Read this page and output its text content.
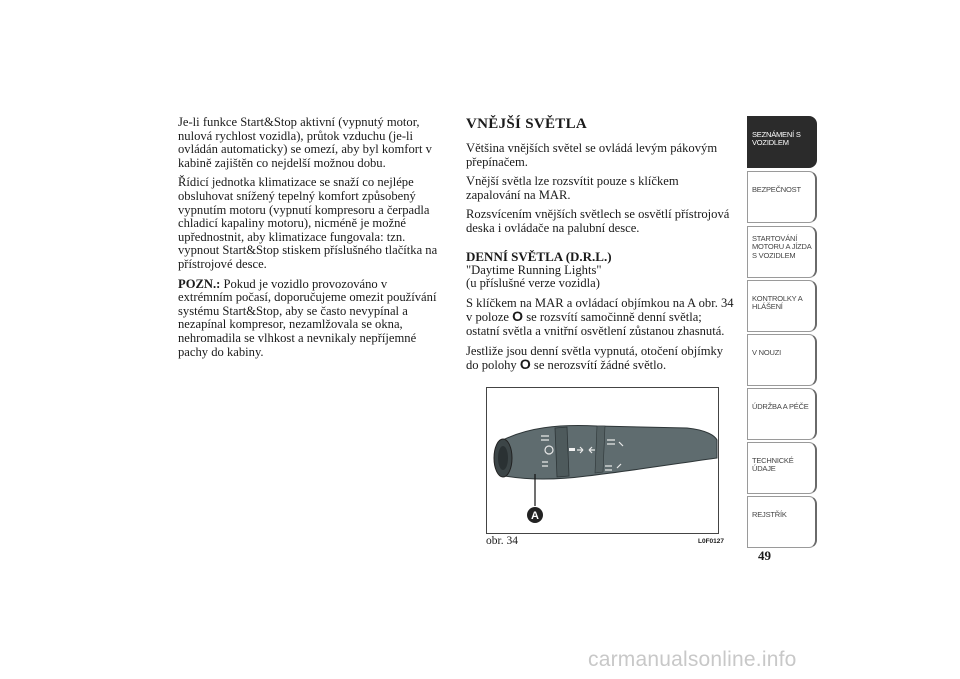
Je-li funkce Start&Stop aktivní (vypnutý motor, nulová rychlost vozidla), průtok vzduchu (je-li ovládán automaticky) se omezí, aby byl komfort v kabině zajištěn co nejdelší možnou dobu.

Řídicí jednotka klimatizace se snaží co nejlépe obsluhovat snížený tepelný komfort způsobený vypnutím motoru (vypnutí kompresoru a čerpadla chladicí kapaliny motoru), nicméně je možné upřednostnit, aby klimatizace fungovala: tzn. vypnout Start&Stop stiskem příslušného tlačítka na přístrojové desce.

POZN.: Pokud je vozidlo provozováno v extrémním počasí, doporučujeme omezit používání systému Start&Stop, aby se často nevypínal a nezapínal kompresor, nezamlžovala se okna, nehromadila se vlhkost a nevnikaly nepříjemné pachy do kabiny.

VNĚJŠÍ SVĚTLA

Většina vnějších světel se ovládá levým pákovým přepínačem.

Vnější světla lze rozsvítit pouze s klíčkem zapalování na MAR.

Rozsvícením vnějších světlech se osvětlí přístrojová deska i ovládače na palubní desce.

DENNÍ SVĚTLA (D.R.L.)
"Daytime Running Lights"

(u příslušné verze vozidla)

S klíčkem na MAR a ovládací objímkou na A obr. 34 v poloze O se rozsvítí samočinně denní světla; ostatní světla a vnitřní osvětlení zůstanou zhasnutá.

Jestliže jsou denní světla vypnutá, otočení objímky do polohy O se nerozsvítí žádné světlo.

A
obr. 34	L0F0127
49
SEZNÁMENÍ S VOZIDLEM
BEZPEČNOST
STARTOVÁNÍ MOTORU A JÍZDA S VOZIDLEM
KONTROLKY A HLÁŠENÍ
V NOUZI
ÚDRŽBA A PÉČE
TECHNICKÉ ÚDAJE
REJSTŘÍK
carmanualsonline.info
